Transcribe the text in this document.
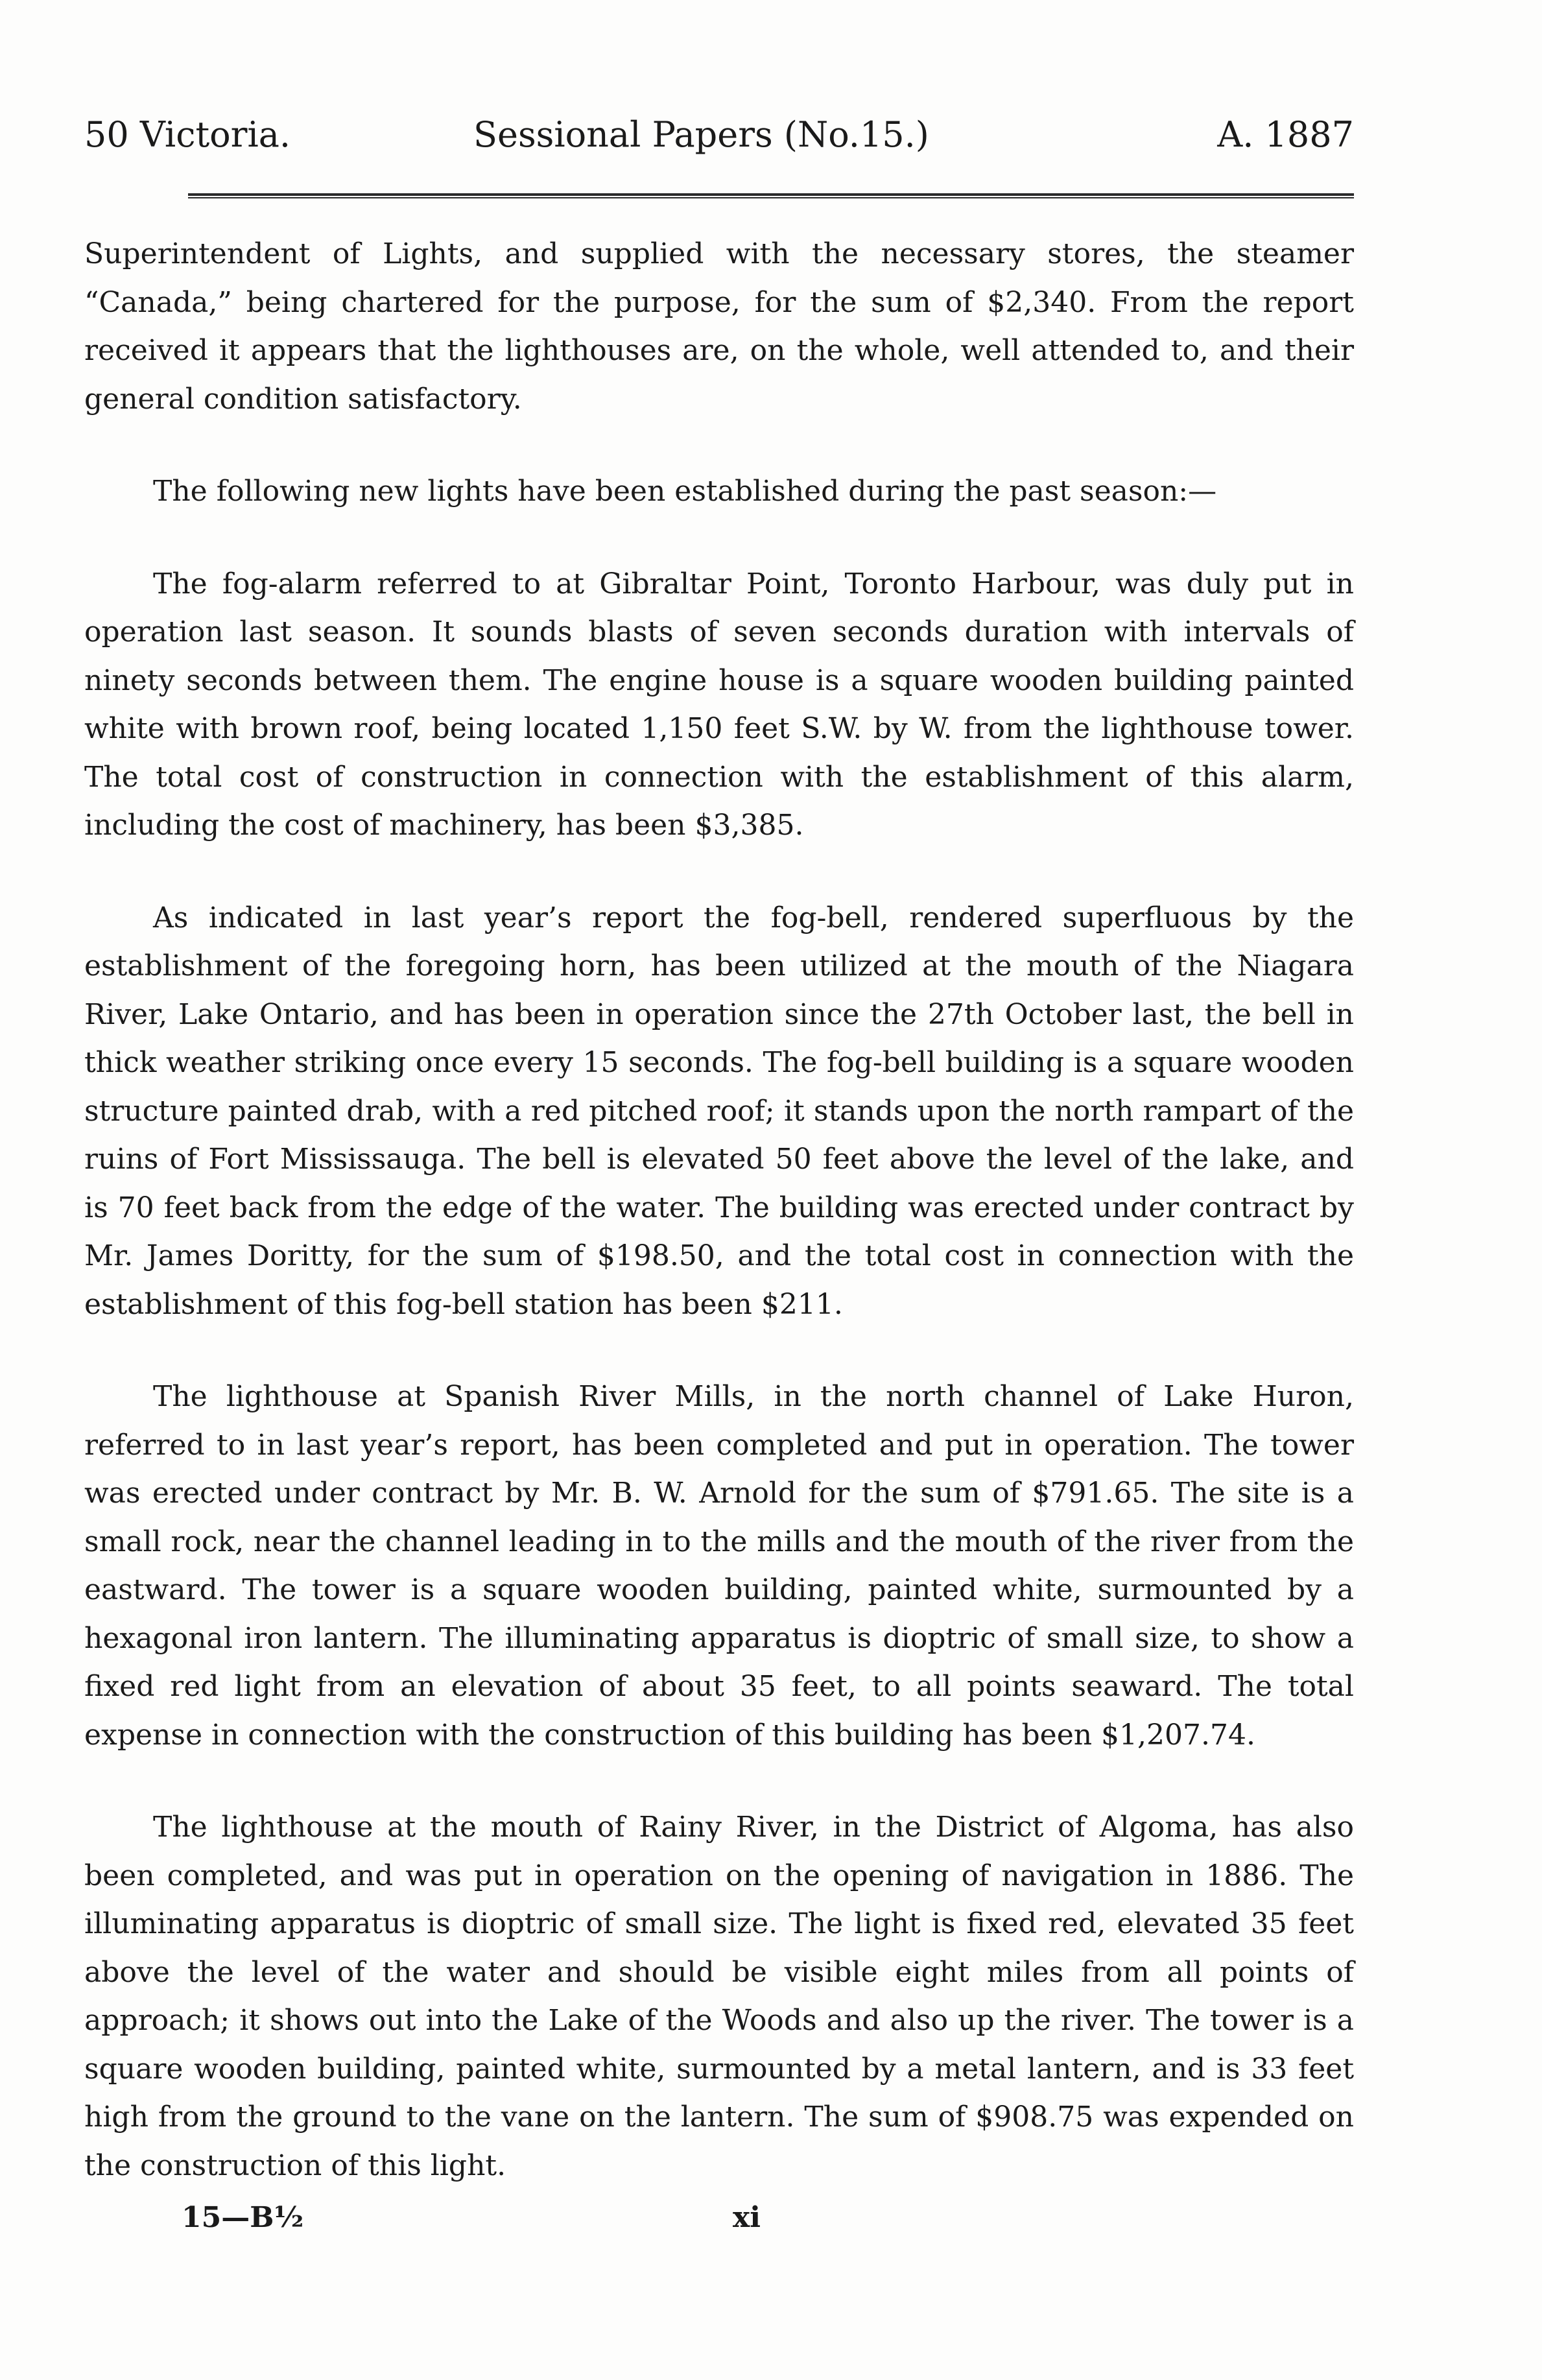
50 Victoria.	Sessional Papers (No.15.)	A. 1887

Superintendent of Lights, and supplied with the necessary stores, the steamer “Canada,” being chartered for the purpose, for the sum of $2,340. From the report received it appears that the lighthouses are, on the whole, well attended to, and their general condition satisfactory.

The following new lights have been established during the past season:—

The fog-alarm referred to at Gibraltar Point, Toronto Harbour, was duly put in operation last season. It sounds blasts of seven seconds duration with intervals of ninety seconds between them. The engine house is a square wooden building painted white with brown roof, being located 1,150 feet S.W. by W. from the lighthouse tower. The total cost of construction in connection with the establishment of this alarm, including the cost of machinery, has been $3,385.

As indicated in last year’s report the fog-bell, rendered superfluous by the establishment of the foregoing horn, has been utilized at the mouth of the Niagara River, Lake Ontario, and has been in operation since the 27th October last, the bell in thick weather striking once every 15 seconds. The fog-bell building is a square wooden structure painted drab, with a red pitched roof; it stands upon the north rampart of the ruins of Fort Mississauga. The bell is elevated 50 feet above the level of the lake, and is 70 feet back from the edge of the water. The building was erected under contract by Mr. James Doritty, for the sum of $198.50, and the total cost in connection with the establishment of this fog-bell station has been $211.

The lighthouse at Spanish River Mills, in the north channel of Lake Huron, referred to in last year’s report, has been completed and put in operation. The tower was erected under contract by Mr. B. W. Arnold for the sum of $791.65. The site is a small rock, near the channel leading in to the mills and the mouth of the river from the eastward. The tower is a square wooden building, painted white, surmounted by a hexagonal iron lantern. The illuminating apparatus is dioptric of small size, to show a fixed red light from an elevation of about 35 feet, to all points seaward. The total expense in connection with the construction of this building has been $1,207.74.

The lighthouse at the mouth of Rainy River, in the District of Algoma, has also been completed, and was put in operation on the opening of navigation in 1886. The illuminating apparatus is dioptric of small size. The light is fixed red, elevated 35 feet above the level of the water and should be visible eight miles from all points of approach; it shows out into the Lake of the Woods and also up the river. The tower is a square wooden building, painted white, surmounted by a metal lantern, and is 33 feet high from the ground to the vane on the lantern. The sum of $908.75 was expended on the construction of this light.

15—B½	xi
